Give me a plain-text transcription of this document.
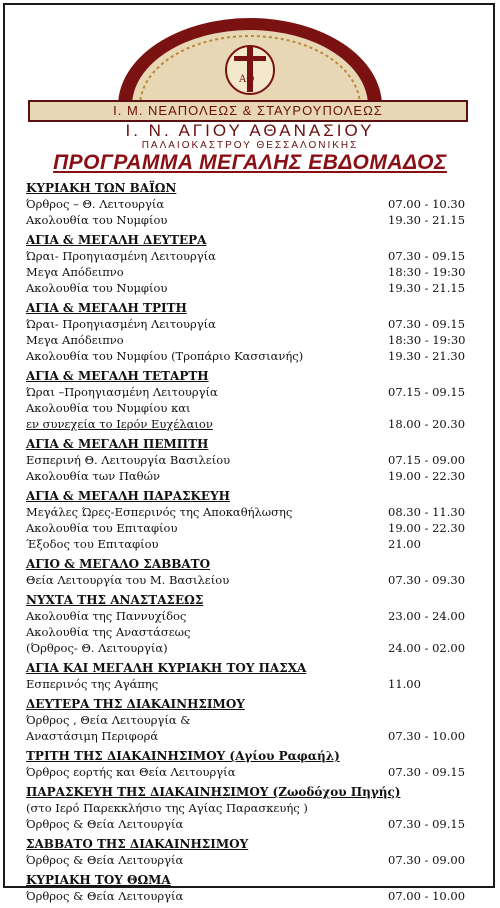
ΑΘ
Ι. Μ. ΝΕΑΠΟΛΕΩΣ & ΣΤΑΥΡΟΥΠΟΛΕΩΣ
Ι. Ν. ΑΓΙΟΥ ΑΘΑΝΑΣΙΟΥ
ΠΑΛΑΙΟΚΑΣΤΡΟΥ ΘΕΣΣΑΛΟΝΙΚΗΣ
ΠΡΟΓΡΑΜΜΑ ΜΕΓΑΛΗΣ ΕΒΔΟΜΑΔΟΣ
ΚΥΡΙΑΚΗ ΤΩΝ ΒΑΪΩΝ
Όρθρος – Θ. Λειτουργία	07.00 - 10.30
Ακολουθία του Νυμφίου	19.30 - 21.15
ΑΓΙΑ & ΜΕΓΑΛΗ ΔΕΥΤΕΡΑ
Ώραι- Προηγιασμένη Λειτουργία	07.30 - 09.15
Μεγα Απόδειπνο	18:30 - 19:30
Ακολουθία του Νυμφίου	19.30 - 21.15
ΑΓΙΑ & ΜΕΓΑΛΗ ΤΡΙΤΗ
Ώραι- Προηγιασμένη Λειτουργία	07.30 - 09.15
Μεγα Απόδειπνο	18:30 - 19:30
Ακολουθία του Νυμφίου (Τροπάριο Κασσιανής)	19.30 - 21.30
ΑΓΙΑ & ΜΕΓΑΛΗ ΤΕΤΑΡΤΗ
Ώραι –Προηγιασμένη Λειτουργία	07.15 - 09.15
Ακολουθία του Νυμφίου και
εν συνεχεία το Ιερόν Ευχέλαιον	18.00 - 20.30
ΑΓΙΑ & ΜΕΓΑΛΗ ΠΕΜΠΤΗ
Εσπερινή Θ. Λειτουργία Βασιλείου	07.15 - 09.00
Ακολουθία των Παθών	19.00 - 22.30
ΑΓΙΑ & ΜΕΓΑΛΗ ΠΑΡΑΣΚΕΥΗ
Μεγάλες Ώρες-Εσπερινός της Αποκαθήλωσης	08.30 - 11.30
Ακολουθία του Επιταφίου	19.00 - 22.30
Έξοδος του Επιταφίου	21.00
ΑΓΙΟ & ΜΕΓΑΛΟ ΣΑΒΒΑΤΟ
Θεία Λειτουργία του Μ. Βασιλείου	07.30 - 09.30
ΝΥΧΤΑ ΤΗΣ ΑΝΑΣΤΑΣΕΩΣ
Ακολουθία της Παννυχίδος	23.00 - 24.00
Ακολουθία της Αναστάσεως
(Όρθρος- Θ. Λειτουργία)	24.00 - 02.00
ΑΓΙΑ ΚΑΙ ΜΕΓΑΛΗ ΚΥΡΙΑΚΗ ΤΟΥ ΠΑΣΧΑ
Εσπερινός της Αγάπης	11.00
ΔΕΥΤΕΡΑ ΤΗΣ ΔΙΑΚΑΙΝΗΣΙΜΟΥ
Όρθρος , Θεία Λειτουργία &
Αναστάσιμη Περιφορά	07.30 - 10.00
ΤΡΙΤΗ ΤΗΣ ΔΙΑΚΑΙΝΗΣΙΜΟΥ (Αγίου Ραφαήλ)
Όρθρος εορτής και Θεία Λειτουργία	07.30 - 09.15
ΠΑΡΑΣΚΕΥΗ ΤΗΣ ΔΙΑΚΑΙΝΗΣΙΜΟΥ (Ζωοδόχου Πηγής)
(στο Ιερό Παρεκκλήσιο της Αγίας Παρασκευής )
Όρθρος & Θεία Λειτουργία	07.30 - 09.15
ΣΑΒΒΑΤΟ ΤΗΣ ΔΙΑΚΑΙΝΗΣΙΜΟΥ
Όρθρος & Θεία Λειτουργία	07.30 - 09.00
ΚΥΡΙΑΚΗ ΤΟΥ ΘΩΜΑ
Όρθρος & Θεία Λειτουργία	07.00 - 10.00
